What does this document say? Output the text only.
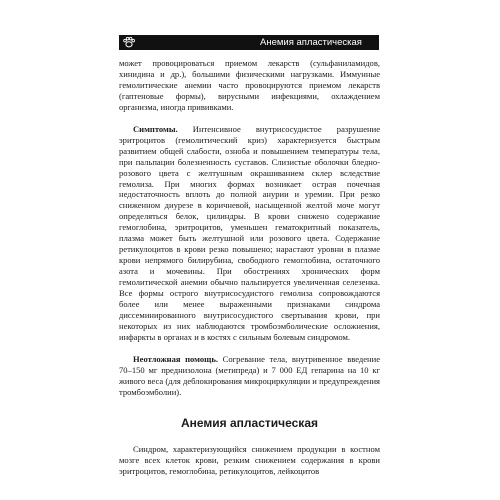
Анемия апластическая 29

может провоцироваться приемом лекарств (сульфаниламидов, хинидина и др.), большими физическими нагрузками. Иммунные гемолитические анемии часто провоцируются приемом лекарств (гаптеновые формы), вирусными инфекциями, охлаждением организма, иногда прививками.

Симптомы. Интенсивное внутрисосудистое разрушение эритроцитов (гемолитический криз) характеризуется быстрым развитием общей слабости, озноба и повышением температуры тела, при пальпации болезненность суставов. Слизистые оболочки бледно-розового цвета с желтушным окрашиванием склер вследствие гемолиза. При многих формах возникает острая почечная недостаточность вплоть до полной анурии и уремии. При резко сниженном диурезе в коричневой, насыщенной желтой моче могут определяться белок, цилиндры. В крови снижено содержание гемоглобина, эритроцитов, уменьшен гематокритный показатель, плазма может быть желтушной или розового цвета. Содержание ретикулоцитов в крови резко повышено; нарастают уровни в плазме крови непрямого билирубина, свободного гемоглобина, остаточного азота и мочевины. При обострениях хронических форм гемолитической анемии обычно пальпируется увеличенная селезенка. Все формы острого внутрисосудистого гемолиза сопровождаются более или менее выраженными признаками синдрома диссеминированного внутрисосудистого свертывания крови, при некоторых из них наблюдаются тромбоэмболические осложнения, инфаркты в органах и в костях с сильным болевым синдромом.

Неотложная помощь. Согревание тела, внутривенное введение 70–150 мг преднизолона (метипреда) и 7 000 ЕД гепарина на 10 кг живого веса (для деблокирования микроциркуляции и предупреждения тромбоэмболии).

Анемия апластическая

Синдром, характеризующийся снижением продукции в костном мозге всех клеток крови, резким снижением содержания в крови эритроцитов, гемоглобина, ретикулоцитов, лейкоцитов
